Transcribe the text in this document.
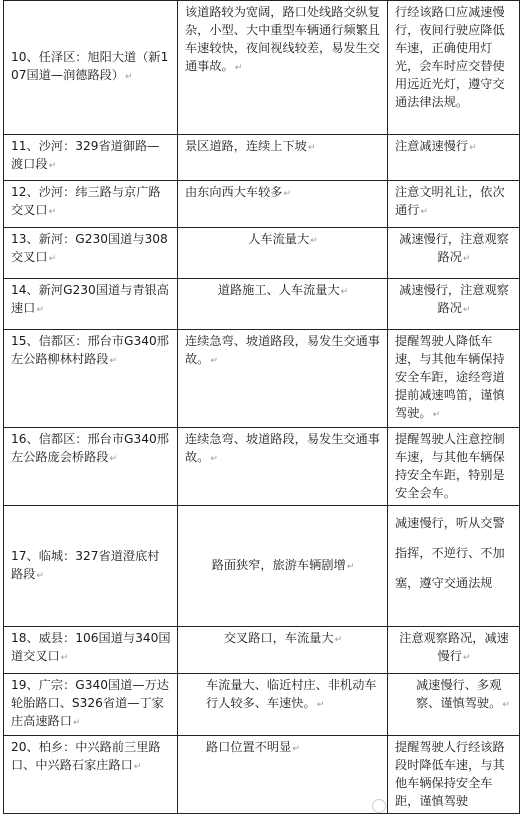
10、任泽区：旭阳大道（新107国道—润德路段）↵	该道路较为宽阔，路口处线路交纵复杂，小型、大中重型车辆通行频繁且车速较快，夜间视线较差，易发生交通事故。↵	行经该路口应减速慢行，夜间行驶应降低车速，正确使用灯光，会车时应交替使用远近光灯，遵守交通法律法规。
11、沙河：329省道御路—渡口段↵	景区道路，连续上下坡↵	注意减速慢行↵
12、沙河：纬三路与京广路交叉口↵	由东向西大车较多↵	注意文明礼让，依次通行↵
13、新河：G230国道与308交叉口↵	人车流量大↵	减速慢行，注意观察路况↵
14、新河G230国道与青银高速口↵	道路施工、人车流量大↵	减速慢行，注意观察路况↵
15、信都区：邢台市G340邢左公路柳林村路段↵	连续急弯、坡道路段，易发生交通事故。↵	提醒驾驶人降低车速，与其他车辆保持安全车距，途经弯道提前减速鸣笛，谨慎驾驶。↵
16、信都区：邢台市G340邢左公路庞会桥路段↵	连续急弯、坡道路段，易发生交通事故。↵	提醒驾驶人注意控制车速，与其他车辆保持安全车距，特别是安全会车。
17、临城：327省道澄底村路段↵	路面狭窄，旅游车辆剧增↵	减速慢行，听从交警指挥，不逆行、不加塞，遵守交通法规
18、威县：106国道与340国道交叉口↵	交叉路口，车流量大↵	注意观察路况，减速慢行↵
19、广宗：G340国道—万达轮胎路口、S326省道—丁家庄高速路口↵	车流量大、临近村庄、非机动车行人较多、车速快。↵	减速慢行、多观察、谨慎驾驶。↵
20、柏乡：中兴路前三里路口、中兴路石家庄路口↵	路口位置不明显↵	提醒驾驶人行经该路段时降低车速，与其他车辆保持安全车距，谨慎驾驶
